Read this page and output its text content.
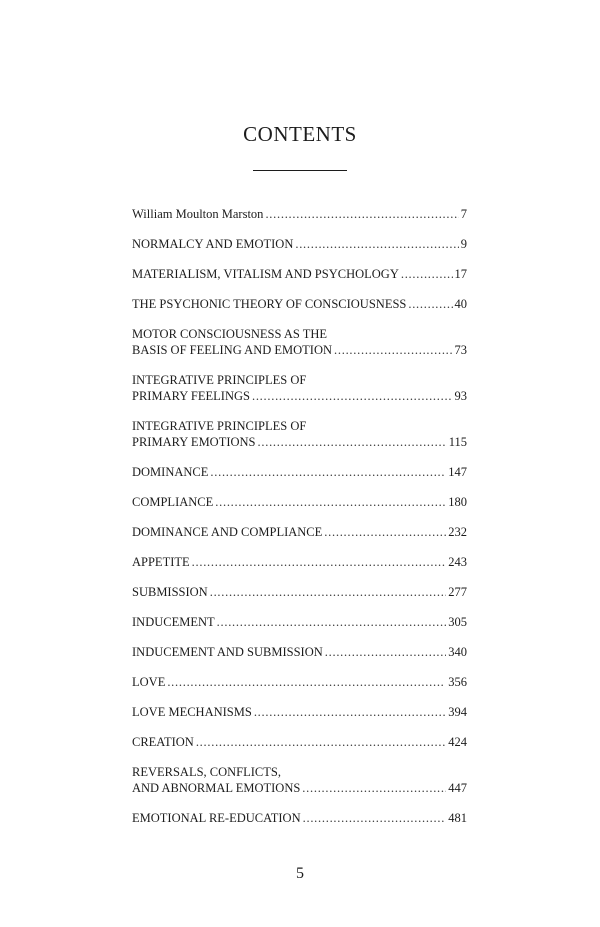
CONTENTS
William Moulton Marston . . .	7
NORMALCY AND EMOTION . . .	9
MATERIALISM, VITALISM AND PSYCHOLOGY . . .	17
THE PSYCHONIC THEORY OF CONSCIOUSNESS . . .	40
MOTOR CONSCIOUSNESS AS THE
BASIS OF FEELING AND EMOTION . . .	73
INTEGRATIVE PRINCIPLES OF
PRIMARY FEELINGS . . .	93
INTEGRATIVE PRINCIPLES OF
PRIMARY EMOTIONS . . .	115
DOMINANCE . . .	147
COMPLIANCE . . .	180
DOMINANCE AND COMPLIANCE . . .	232
APPETITE . . .	243
SUBMISSION . . .	277
INDUCEMENT . . .	305
INDUCEMENT AND SUBMISSION . . .	340
LOVE . . .	356
LOVE MECHANISMS . . .	394
CREATION . . .	424
REVERSALS, CONFLICTS,
AND ABNORMAL EMOTIONS . . .	447
EMOTIONAL RE-EDUCATION . . .	481
5
